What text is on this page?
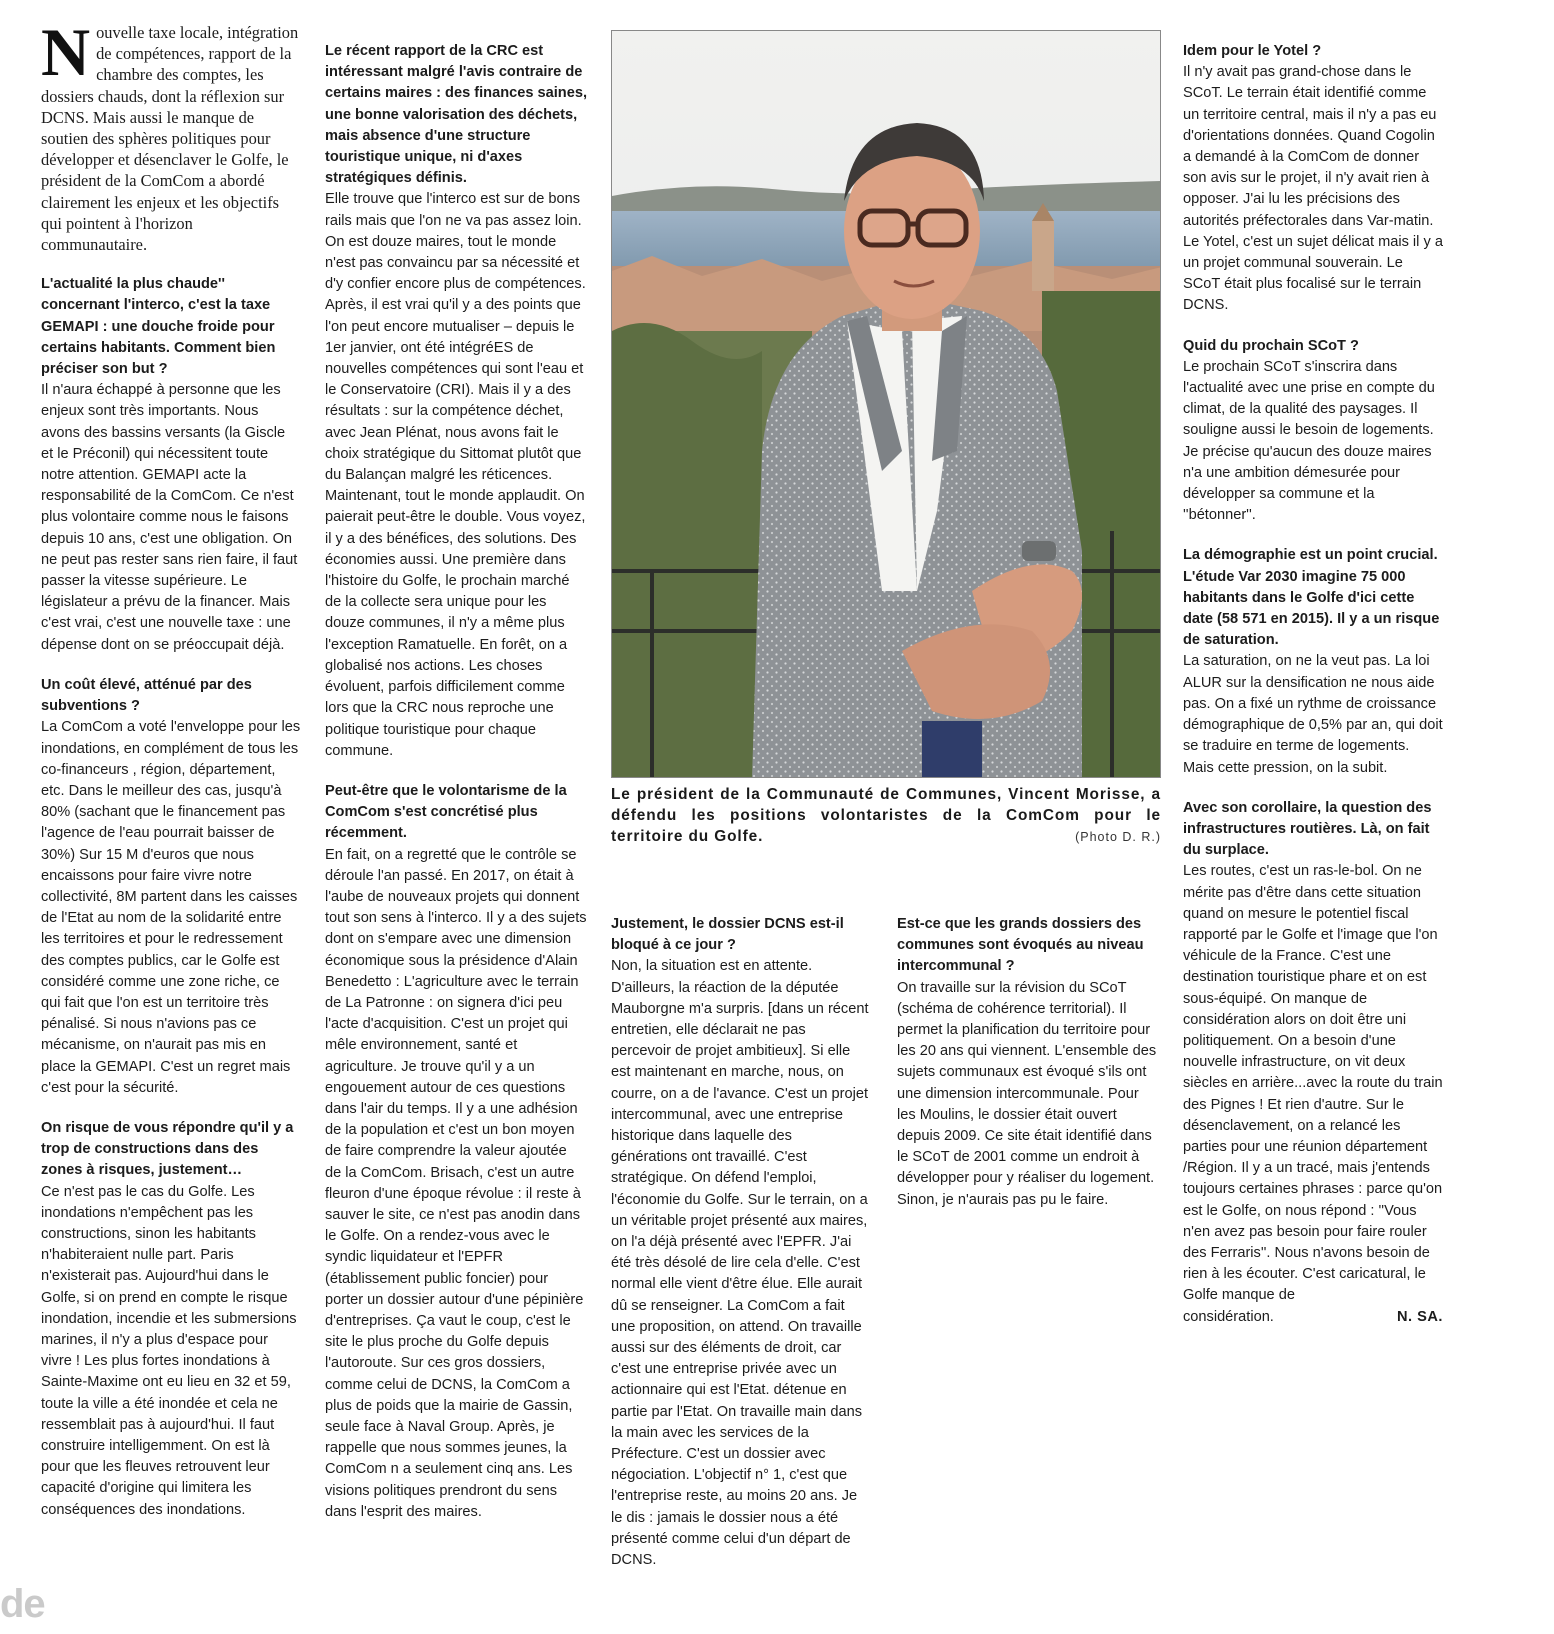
Nouvelle taxe locale, intégration de compétences, rapport de la chambre des comptes, les dossiers chauds, dont la réflexion sur DCNS. Mais aussi le manque de soutien des sphères politiques pour développer et désenclaver le Golfe, le président de la ComCom a abordé clairement les enjeux et les objectifs qui pointent à l'horizon communautaire.

L'actualité la plus chaude'' concernant l'interco, c'est la taxe GEMAPI : une douche froide pour certains habitants. Comment bien préciser son but ?

Il n'aura échappé à personne que les enjeux sont très importants. Nous avons des bassins versants (la Giscle et le Préconil) qui nécessitent toute notre attention. GEMAPI acte la responsabilité de la ComCom. Ce n'est plus volontaire comme nous le faisons depuis 10 ans, c'est une obligation. On ne peut pas rester sans rien faire, il faut passer la vitesse supérieure. Le législateur a prévu de la financer. Mais c'est vrai, c'est une nouvelle taxe : une dépense dont on se préoccupait déjà.

Un coût élevé, atténué par des subventions ?

La ComCom a voté l'enveloppe pour les inondations, en complément de tous les co-financeurs , région, département, etc. Dans le meilleur des cas, jusqu'à 80% (sachant que le financement pas l'agence de l'eau pourrait baisser de 30%) Sur 15 M d'euros que nous encaissons pour faire vivre notre collectivité, 8M partent dans les caisses de l'Etat au nom de la solidarité entre les territoires et pour le redressement des comptes publics, car le Golfe est considéré comme une zone riche, ce qui fait que l'on est un territoire très pénalisé. Si nous n'avions pas ce mécanisme, on n'aurait pas mis en place la GEMAPI. C'est un regret mais c'est pour la sécurité.

On risque de vous répondre qu'il y a trop de constructions dans des zones à risques, justement…

Ce n'est pas le cas du Golfe. Les inondations n'empêchent pas les constructions, sinon les habitants n'habiteraient nulle part. Paris n'existerait pas. Aujourd'hui dans le Golfe, si on prend en compte le risque inondation, incendie et les submersions marines, il n'y a plus d'espace pour vivre ! Les plus fortes inondations à Sainte-Maxime ont eu lieu en 32 et 59, toute la ville a été inondée et cela ne ressemblait pas à aujourd'hui. Il faut construire intelligemment. On est là pour que les fleuves retrouvent leur capacité d'origine qui limitera les conséquences des inondations.

Le récent rapport de la CRC est intéressant malgré l'avis contraire de certains maires : des finances saines, une bonne valorisation des déchets, mais absence d'une structure touristique unique, ni d'axes stratégiques définis.

Elle trouve que l'interco est sur de bons rails mais que l'on ne va pas assez loin. On est douze maires, tout le monde n'est pas convaincu par sa nécessité et d'y confier encore plus de compétences. Après, il est vrai qu'il y a des points que l'on peut encore mutualiser – depuis le 1er janvier, ont été intégréES de nouvelles compétences qui sont l'eau et le Conservatoire (CRI). Mais il y a des résultats : sur la compétence déchet, avec Jean Plénat, nous avons fait le choix stratégique du Sittomat plutôt que du Balançan malgré les réticences. Maintenant, tout le monde applaudit. On paierait peut-être le double. Vous voyez, il y a des bénéfices, des solutions. Des économies aussi. Une première dans l'histoire du Golfe, le prochain marché de la collecte sera unique pour les douze communes, il n'y a même plus l'exception Ramatuelle. En forêt, on a globalisé nos actions. Les choses évoluent, parfois difficilement comme lors que la CRC nous reproche une politique touristique pour chaque commune.

Peut-être que le volontarisme de la ComCom s'est concrétisé plus récemment.

En fait, on a regretté que le contrôle se déroule l'an passé. En 2017, on était à l'aube de nouveaux projets qui donnent tout son sens à l'interco. Il y a des sujets dont on s'empare avec une dimension économique sous la présidence d'Alain Benedetto : L'agriculture avec le terrain de La Patronne : on signera d'ici peu l'acte d'acquisition. C'est un projet qui mêle environnement, santé et agriculture. Je trouve qu'il y a un engouement autour de ces questions dans l'air du temps. Il y a une adhésion de la population et c'est un bon moyen de faire comprendre la valeur ajoutée de la ComCom. Brisach, c'est un autre fleuron d'une époque révolue : il reste à sauver le site, ce n'est pas anodin dans le Golfe. On a rendez-vous avec le syndic liquidateur et l'EPFR (établissement public foncier) pour porter un dossier autour d'une pépinière d'entreprises. Ça vaut le coup, c'est le site le plus proche du Golfe depuis l'autoroute. Sur ces gros dossiers, comme celui de DCNS, la ComCom a plus de poids que la mairie de Gassin, seule face à Naval Group. Après, je rappelle que nous sommes jeunes, la ComCom n a seulement cinq ans. Les visions politiques prendront du sens dans l'esprit des maires.

Le président de la Communauté de Communes, Vincent Morisse, a défendu les positions volontaristes de la ComCom pour le territoire du Golfe.	(Photo D. R.)

Justement, le dossier DCNS est-il bloqué à ce jour ?

Non, la situation est en attente. D'ailleurs, la réaction de la députée Mauborgne m'a surpris. [dans un récent entretien, elle déclarait ne pas percevoir de projet ambitieux]. Si elle est maintenant en marche, nous, on courre, on a de l'avance. C'est un projet intercommunal, avec une entreprise historique dans laquelle des générations ont travaillé. C'est stratégique. On défend l'emploi, l'économie du Golfe. Sur le terrain, on a un véritable projet présenté aux maires, on l'a déjà présenté avec l'EPFR. J'ai été très désolé de lire cela d'elle. C'est normal elle vient d'être élue. Elle aurait dû se renseigner. La ComCom a fait une proposition, on attend. On travaille aussi sur des éléments de droit, car c'est une entreprise privée avec un actionnaire qui est l'Etat. détenue en partie par l'Etat. On travaille main dans la main avec les services de la Préfecture. C'est un dossier avec négociation. L'objectif n° 1, c'est que l'entreprise reste, au moins 20 ans. Je le dis : jamais le dossier nous a été présenté comme celui d'un départ de DCNS.

Est-ce que les grands dossiers des communes sont évoqués au niveau intercommunal ?

On travaille sur la révision du SCoT (schéma de cohérence territorial). Il permet la planification du territoire pour les 20 ans qui viennent. L'ensemble des sujets communaux est évoqué s'ils ont une dimension intercommunale. Pour les Moulins, le dossier était ouvert depuis 2009. Ce site était identifié dans le SCoT de 2001 comme un endroit à développer pour y réaliser du logement. Sinon, je n'aurais pas pu le faire.

Idem pour le Yotel ?

Il n'y avait pas grand-chose dans le SCoT. Le terrain était identifié comme un territoire central, mais il n'y a pas eu d'orientations données. Quand Cogolin a demandé à la ComCom de donner son avis sur le projet, il n'y avait rien à opposer. J'ai lu les précisions des autorités préfectorales dans Var-matin. Le Yotel, c'est un sujet délicat mais il y a un projet communal souverain. Le SCoT était plus focalisé sur le terrain DCNS.

Quid du prochain SCoT ?

Le prochain SCoT s'inscrira dans l'actualité avec une prise en compte du climat, de la qualité des paysages. Il souligne aussi le besoin de logements. Je précise qu'aucun des douze maires n'a une ambition démesurée pour développer sa commune et la ''bétonner''.

La démographie est un point crucial. L'étude Var 2030 imagine 75 000 habitants dans le Golfe d'ici cette date (58 571 en 2015). Il y a un risque de saturation.

La saturation, on ne la veut pas. La loi ALUR sur la densification ne nous aide pas. On a fixé un rythme de croissance démographique de 0,5% par an, qui doit se traduire en terme de logements. Mais cette pression, on la subit.

Avec son corollaire, la question des infrastructures routières. Là, on fait du surplace.

Les routes, c'est un ras-le-bol. On ne mérite pas d'être dans cette situation quand on mesure le potentiel fiscal rapporté par le Golfe et l'image que l'on véhicule de la France. C'est une destination touristique phare et on est sous-équipé. On manque de considération alors on doit être uni politiquement. On a besoin d'une nouvelle infrastructure, on vit deux siècles en arrière...avec la route du train des Pignes ! Et rien d'autre. Sur le désenclavement, on a relancé les parties pour une réunion département /Région. Il y a un tracé, mais j'entends toujours certaines phrases : parce qu'on est le Golfe, on nous répond : ''Vous n'en avez pas besoin pour faire rouler des Ferraris''. Nous n'avons besoin de rien à les écouter. C'est caricatural, le Golfe manque de

considération.	N. SA.
de
